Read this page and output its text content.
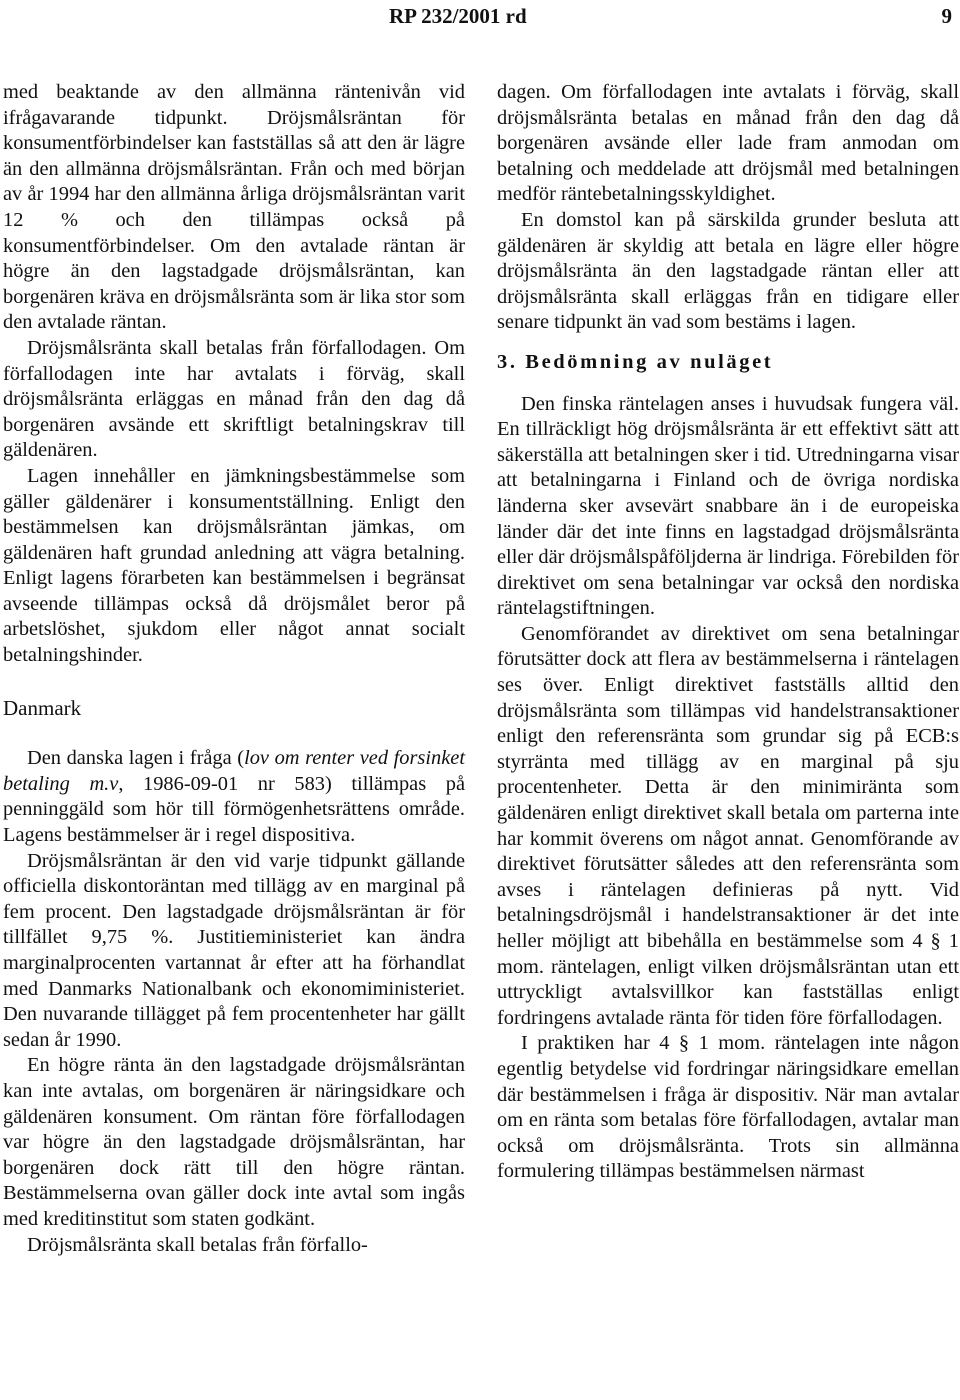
RP 232/2001 rd	9

med beaktande av den allmänna räntenivån vid ifrågavarande tidpunkt. Dröjsmålsräntan för konsumentförbindelser kan fastställas så att den är lägre än den allmänna dröjsmålsräntan. Från och med början av år 1994 har den allmänna årliga dröjsmålsräntan varit 12 % och den tillämpas också på konsumentförbindelser. Om den avtalade räntan är högre än den lagstadgade dröjsmålsräntan, kan borgenären kräva en dröjsmålsränta som är lika stor som den avtalade räntan.

Dröjsmålsränta skall betalas från förfallodagen. Om förfallodagen inte har avtalats i förväg, skall dröjsmålsränta erläggas en månad från den dag då borgenären avsände ett skriftligt betalningskrav till gäldenären.

Lagen innehåller en jämkningsbestämmelse som gäller gäldenärer i konsumentställning. Enligt den bestämmelsen kan dröjsmålsräntan jämkas, om gäldenären haft grundad anledning att vägra betalning. Enligt lagens förarbeten kan bestämmelsen i begränsat avseende tillämpas också då dröjsmålet beror på arbetslöshet, sjukdom eller något annat socialt betalningshinder.

Danmark

Den danska lagen i fråga (lov om renter ved forsinket betaling m.v, 1986-09-01 nr 583) tillämpas på penninggäld som hör till förmögenhetsrättens område. Lagens bestämmelser är i regel dispositiva.

Dröjsmålsräntan är den vid varje tidpunkt gällande officiella diskontoräntan med tillägg av en marginal på fem procent. Den lagstadgade dröjsmålsräntan är för tillfället 9,75 %. Justitieministeriet kan ändra marginalprocenten vartannat år efter att ha förhandlat med Danmarks Nationalbank och ekonomiministeriet. Den nuvarande tillägget på fem procentenheter har gällt sedan år 1990.

En högre ränta än den lagstadgade dröjsmålsräntan kan inte avtalas, om borgenären är näringsidkare och gäldenären konsument. Om räntan före förfallodagen var högre än den lagstadgade dröjsmålsräntan, har borgenären dock rätt till den högre räntan. Bestämmelserna ovan gäller dock inte avtal som ingås med kreditinstitut som staten godkänt.

Dröjsmålsränta skall betalas från förfallo-

dagen. Om förfallodagen inte avtalats i förväg, skall dröjsmålsränta betalas en månad från den dag då borgenären avsände eller lade fram anmodan om betalning och meddelade att dröjsmål med betalningen medför räntebetalningsskyldighet.

En domstol kan på särskilda grunder besluta att gäldenären är skyldig att betala en lägre eller högre dröjsmålsränta än den lagstadgade räntan eller att dröjsmålsränta skall erläggas från en tidigare eller senare tidpunkt än vad som bestäms i lagen.

3. Bedömning av nuläget

Den finska räntelagen anses i huvudsak fungera väl. En tillräckligt hög dröjsmålsränta är ett effektivt sätt att säkerställa att betalningen sker i tid. Utredningarna visar att betalningarna i Finland och de övriga nordiska länderna sker avsevärt snabbare än i de europeiska länder där det inte finns en lagstadgad dröjsmålsränta eller där dröjsmålspåföljderna är lindriga. Förebilden för direktivet om sena betalningar var också den nordiska räntelagstiftningen.

Genomförandet av direktivet om sena betalningar förutsätter dock att flera av bestämmelserna i räntelagen ses över. Enligt direktivet fastställs alltid den dröjsmålsränta som tillämpas vid handelstransaktioner enligt den referensränta som grundar sig på ECB:s styrränta med tillägg av en marginal på sju procentenheter. Detta är den minimiränta som gäldenären enligt direktivet skall betala om parterna inte har kommit överens om något annat. Genomförande av direktivet förutsätter således att den referensränta som avses i räntelagen definieras på nytt. Vid betalningsdröjsmål i handelstransaktioner är det inte heller möjligt att bibehålla en bestämmelse som 4 § 1 mom. räntelagen, enligt vilken dröjsmålsräntan utan ett uttryckligt avtalsvillkor kan fastställas enligt fordringens avtalade ränta för tiden före förfallodagen.

I praktiken har 4 § 1 mom. räntelagen inte någon egentlig betydelse vid fordringar näringsidkare emellan där bestämmelsen i fråga är dispositiv. När man avtalar om en ränta som betalas före förfallodagen, avtalar man också om dröjsmålsränta. Trots sin allmänna formulering tillämpas bestämmelsen närmast
